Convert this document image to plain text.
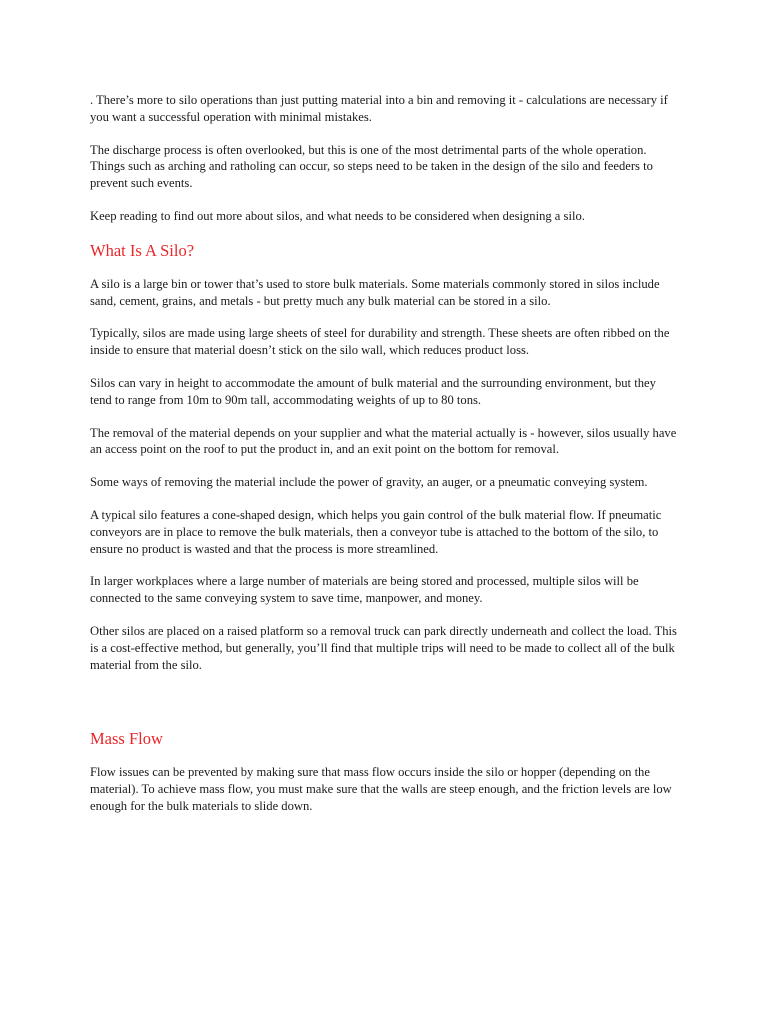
. There’s more to silo operations than just putting material into a bin and removing it - calculations are necessary if you want a successful operation with minimal mistakes.

The discharge process is often overlooked, but this is one of the most detrimental parts of the whole operation. Things such as arching and ratholing can occur, so steps need to be taken in the design of the silo and feeders to prevent such events.

Keep reading to find out more about silos, and what needs to be considered when designing a silo.

What Is A Silo?

A silo is a large bin or tower that’s used to store bulk materials. Some materials commonly stored in silos include sand, cement, grains, and metals - but pretty much any bulk material can be stored in a silo.

Typically, silos are made using large sheets of steel for durability and strength. These sheets are often ribbed on the inside to ensure that material doesn’t stick on the silo wall, which reduces product loss.

Silos can vary in height to accommodate the amount of bulk material and the surrounding environment, but they tend to range from 10m to 90m tall, accommodating weights of up to 80 tons.

The removal of the material depends on your supplier and what the material actually is - however, silos usually have an access point on the roof to put the product in, and an exit point on the bottom for removal.

Some ways of removing the material include the power of gravity, an auger, or a pneumatic conveying system.

A typical silo features a cone-shaped design, which helps you gain control of the bulk material flow. If pneumatic conveyors are in place to remove the bulk materials, then a conveyor tube is attached to the bottom of the silo, to ensure no product is wasted and that the process is more streamlined.

In larger workplaces where a large number of materials are being stored and processed, multiple silos will be connected to the same conveying system to save time, manpower, and money.

Other silos are placed on a raised platform so a removal truck can park directly underneath and collect the load. This is a cost-effective method, but generally, you’ll find that multiple trips will need to be made to collect all of the bulk material from the silo.

Mass Flow

Flow issues can be prevented by making sure that mass flow occurs inside the silo or hopper (depending on the material). To achieve mass flow, you must make sure that the walls are steep enough, and the friction levels are low enough for the bulk materials to slide down.
